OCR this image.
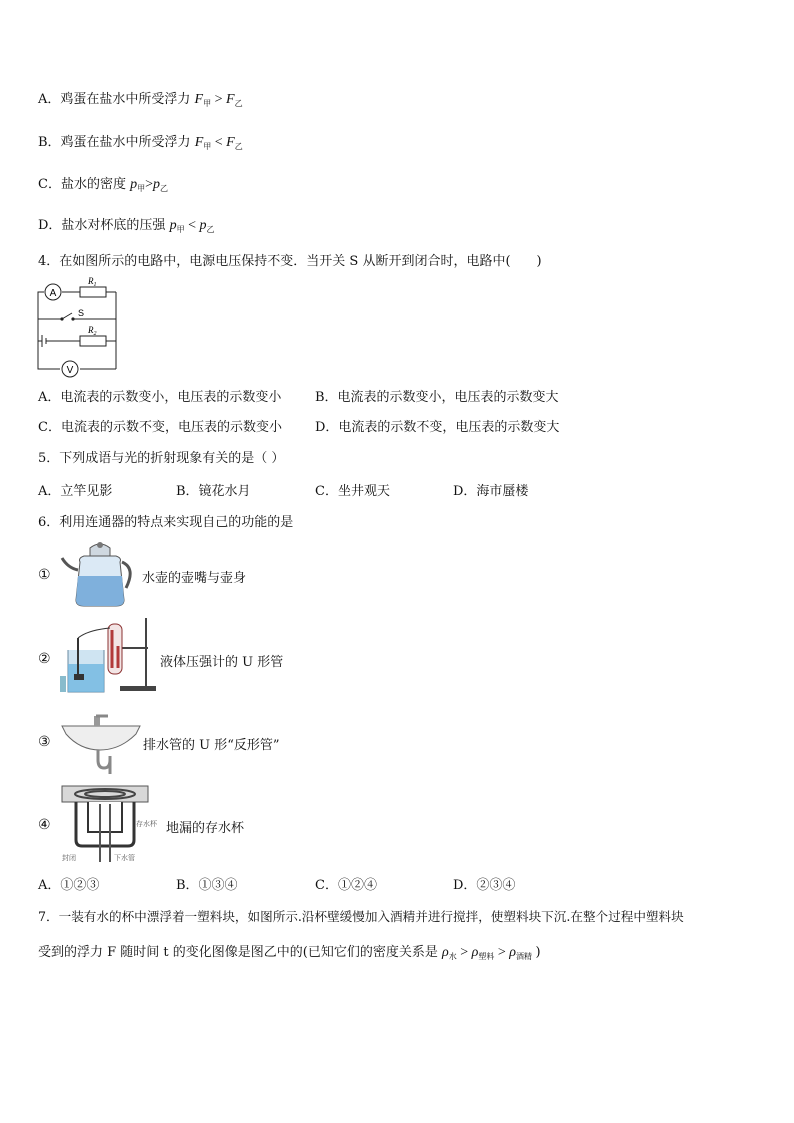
A．鸡蛋在盐水中所受浮力 $F_甲 > F_乙$
B．鸡蛋在盐水中所受浮力 $F_甲 < F_乙$
C．盐水的密度 $p_甲>p_乙$
D．盐水对杯底的压强 $p_甲 < p_乙$
4．在如图所示的电路中，电源电压保持不变．当开关 S 从断开到闭合时，电路中(　　)
A
V
$R_1$
$R_2$
S
A．电流表的示数变小，电压表的示数变小	B．电流表的示数变小，电压表的示数变大
C．电流表的示数不变，电压表的示数变小	D．电流表的示数不变，电压表的示数变大
5．下列成语与光的折射现象有关的是（ ）
A．立竿见影	B．镜花水月	C．坐井观天	D．海市蜃楼
6．利用连通器的特点来实现自己的功能的是
①	水壶的壶嘴与壶身
②	液体压强计的 U 形管
③	排水管的 U 形“反形管”
④	存水杯
封闭	下水管
地漏的存水杯
A．①②③	B．①③④	C．①②④	D．②③④
7．一装有水的杯中漂浮着一塑料块，如图所示.沿杯壁缓慢加入酒精并进行搅拌，使塑料块下沉.在整个过程中塑料块
受到的浮力 F 随时间 t 的变化图像是图乙中的(已知它们的密度关系是 $\rho_水 > \rho_{塑料} > \rho_{酒精}$ )
